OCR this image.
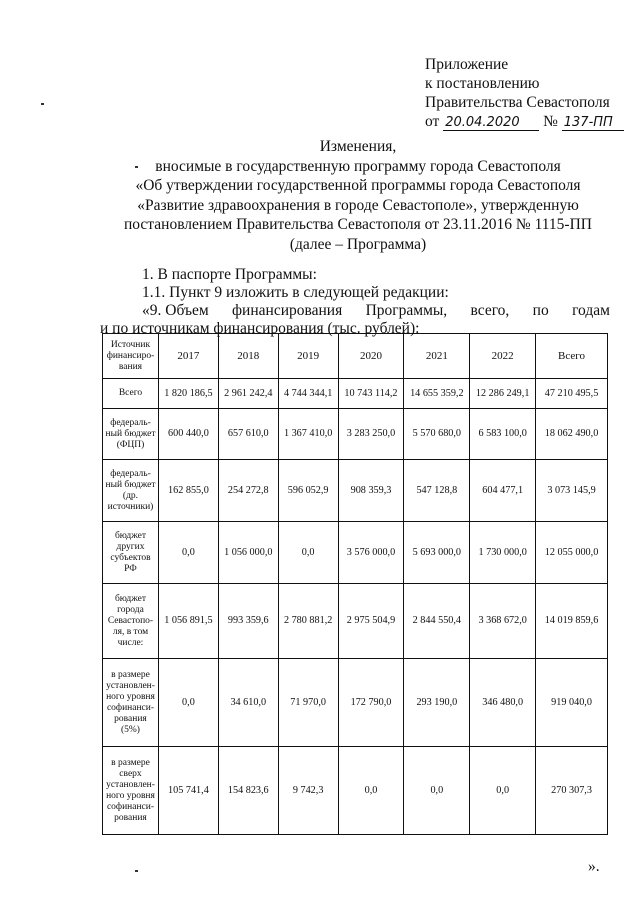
Приложение
к постановлению
Правительства Севастополя
от 20.04.2020 № 137-ПП
Изменения,
вносимые в государственную программу города Севастополя
«Об утверждении государственной программы города Севастополя
«Развитие здравоохранения в городе Севастополе», утвержденную
постановлением Правительства Севастополя от 23.11.2016 № 1115-ПП
(далее – Программа)
1. В паспорте Программы:
1.1. Пункт 9 изложить в следующей редакции:
«9. Объем финансирования Программы, всего, по годам
и по источникам финансирования (тыс. рублей):
Источник финансиро-вания	2017	2018	2019	2020	2021	2022	Всего
Всего	1 820 186,5	2 961 242,4	4 744 344,1	10 743 114,2	14 655 359,2	12 286 249,1	47 210 495,5
федераль-ный бюджет (ФЦП)	600 440,0	657 610,0	1 367 410,0	3 283 250,0	5 570 680,0	6 583 100,0	18 062 490,0
федераль-ный бюджет (др. источники)	162 855,0	254 272,8	596 052,9	908 359,3	547 128,8	604 477,1	3 073 145,9
бюджет других субъектов РФ	0,0	1 056 000,0	0,0	3 576 000,0	5 693 000,0	1 730 000,0	12 055 000,0
бюджет города Севастопо-ля, в том числе:	1 056 891,5	993 359,6	2 780 881,2	2 975 504,9	2 844 550,4	3 368 672,0	14 019 859,6
в размере установлен-ного уровня софинанси-рования (5%)	0,0	34 610,0	71 970,0	172 790,0	293 190,0	346 480,0	919 040,0
в размере сверх установлен-ного уровня софинанси-рования	105 741,4	154 823,6	9 742,3	0,0	0,0	0,0	270 307,3
».
